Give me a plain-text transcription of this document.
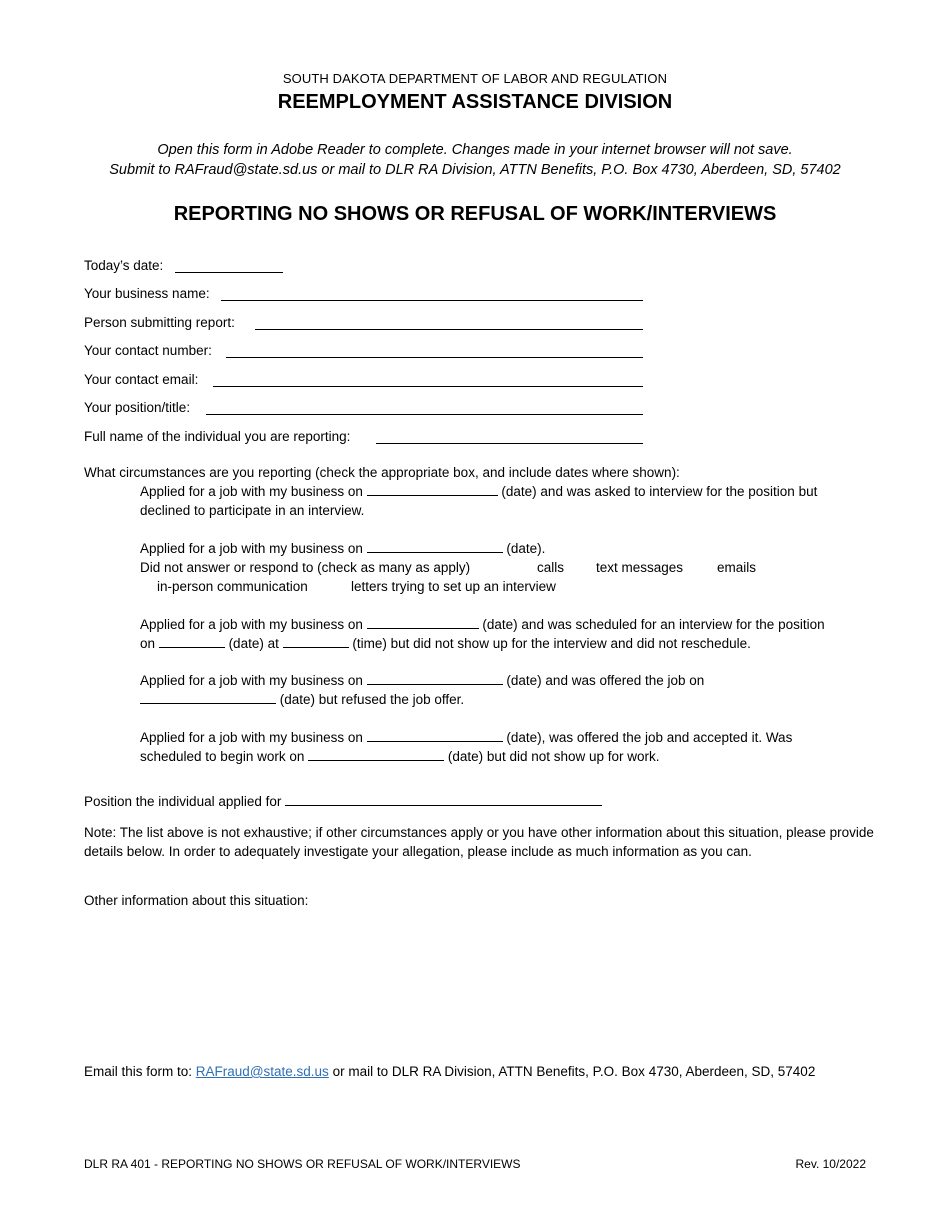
SOUTH DAKOTA DEPARTMENT OF LABOR AND REGULATION
REEMPLOYMENT ASSISTANCE DIVISION
Open this form in Adobe Reader to complete. Changes made in your internet browser will not save.
Submit to RAFraud@state.sd.us or mail to DLR RA Division, ATTN Benefits, P.O. Box 4730, Aberdeen, SD, 57402
REPORTING NO SHOWS OR REFUSAL OF WORK/INTERVIEWS
Today’s date:
Your business name:
Person submitting report:
Your contact number:
Your contact email:
Your position/title:
Full name of the individual you are reporting:
What circumstances are you reporting (check the appropriate box, and include dates where shown):
Applied for a job with my business on	(date) and was asked to interview for the position but
declined to participate in an interview.
Applied for a job with my business on	(date).
Did not answer or respond to (check as many as apply)	calls text messages	emails
in-person communication	letters trying to set up an interview
Applied for a job with my business on	(date) and was scheduled for an interview for the position
on	(date) at	(time) but did not show up for the interview and did not reschedule.
Applied for a job with my business on	(date) and was offered the job on
(date) but refused the job offer.
Applied for a job with my business on	(date), was offered the job and accepted it. Was
scheduled to begin work on	(date) but did not show up for work.
Position the individual applied for
Note: The list above is not exhaustive; if other circumstances apply or you have other information about this situation, please provide details below. In order to adequately investigate your allegation, please include as much information as you can.
Other information about this situation:
Email this form to: RAFraud@state.sd.us or mail to DLR RA Division, ATTN Benefits, P.O. Box 4730, Aberdeen, SD, 57402
DLR RA 401 - REPORTING NO SHOWS OR REFUSAL OF WORK/INTERVIEWS	Rev. 10/2022
